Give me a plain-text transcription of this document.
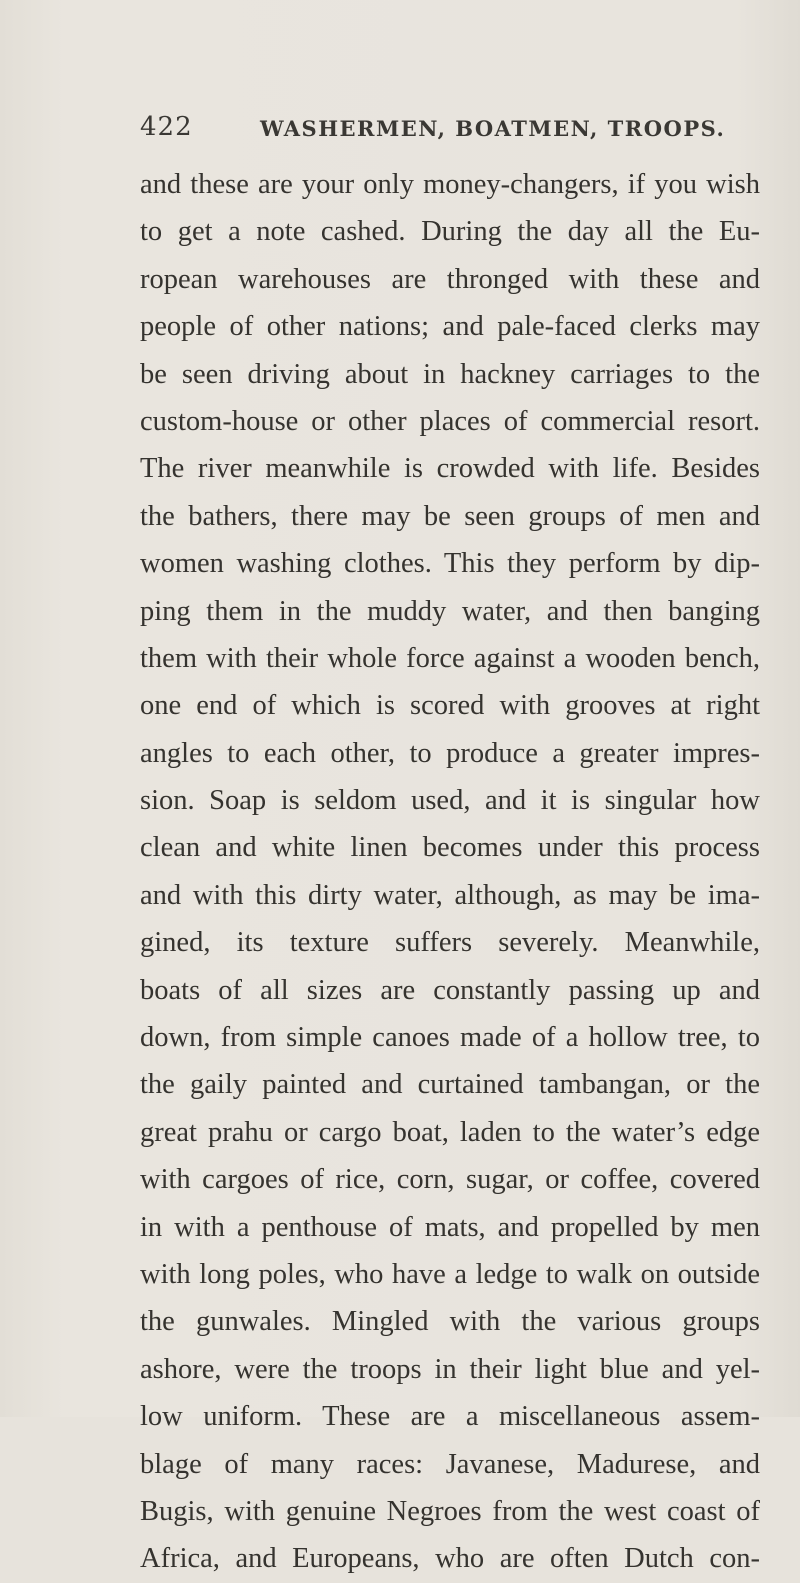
422	WASHERMEN, BOATMEN, TROOPS.
and these are your only money-changers, if you wish
to get a note cashed. During the day all the Eu-
ropean warehouses are thronged with these and
people of other nations; and pale-faced clerks may
be seen driving about in hackney carriages to the
custom-house or other places of commercial resort.
The river meanwhile is crowded with life. Besides
the bathers, there may be seen groups of men and
women washing clothes. This they perform by dip-
ping them in the muddy water, and then banging
them with their whole force against a wooden bench,
one end of which is scored with grooves at right
angles to each other, to produce a greater impres-
sion. Soap is seldom used, and it is singular how
clean and white linen becomes under this process
and with this dirty water, although, as may be ima-
gined, its texture suffers severely. Meanwhile,
boats of all sizes are constantly passing up and
down, from simple canoes made of a hollow tree, to
the gaily painted and curtained tambangan, or the
great prahu or cargo boat, laden to the water’s edge
with cargoes of rice, corn, sugar, or coffee, covered
in with a penthouse of mats, and propelled by men
with long poles, who have a ledge to walk on outside
the gunwales. Mingled with the various groups
ashore, were the troops in their light blue and yel-
low uniform. These are a miscellaneous assem-
blage of many races: Javanese, Madurese, and
Bugis, with genuine Negroes from the west coast of
Africa, and Europeans, who are often Dutch con-
